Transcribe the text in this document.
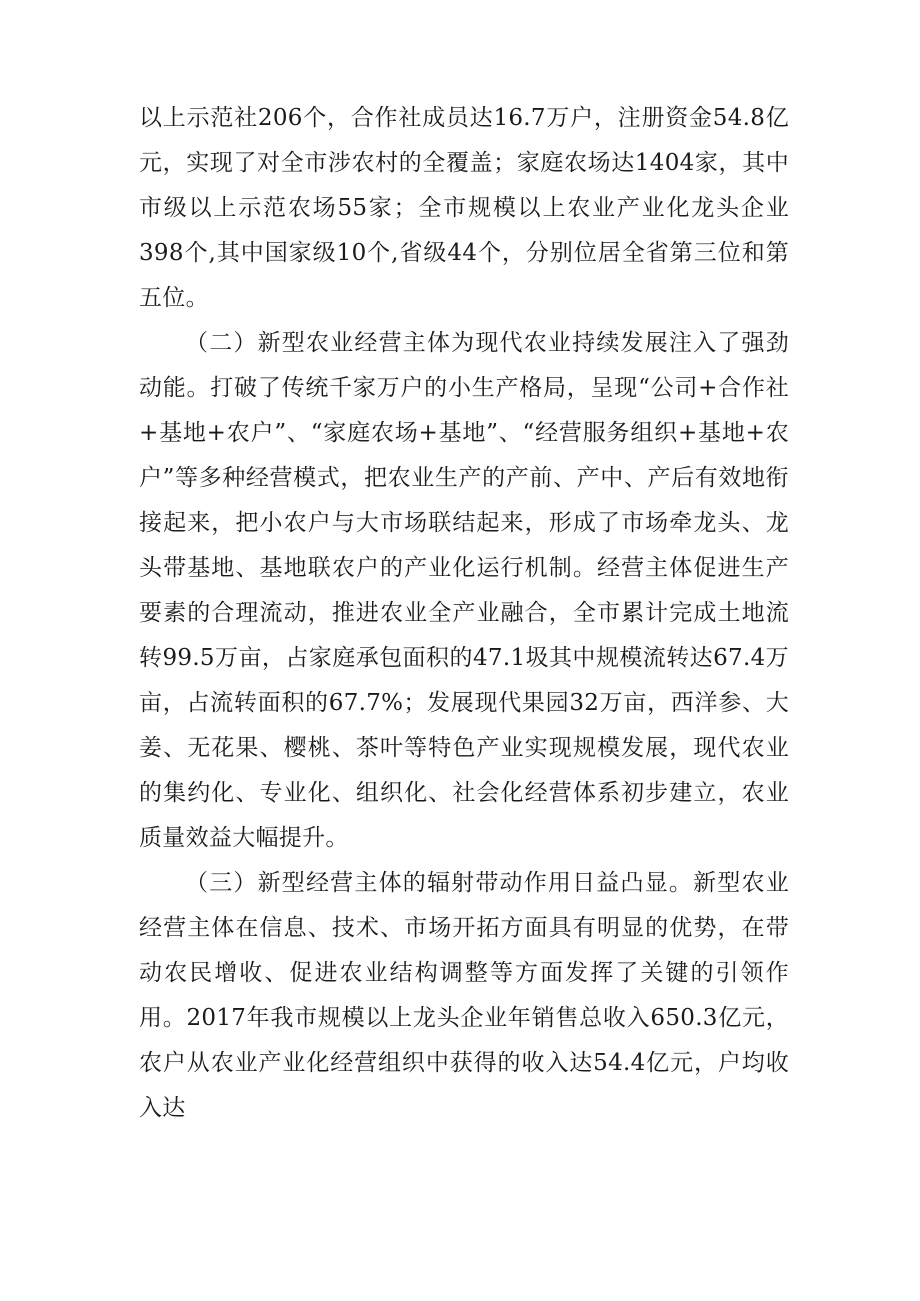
以上示范社206个，合作社成员达16.7万户，注册资金54.8亿元，实现了对全市涉农村的全覆盖；家庭农场达1404家，其中市级以上示范农场55家；全市规模以上农业产业化龙头企业398个,其中国家级10个,省级44个，分别位居全省第三位和第五位。

（二）新型农业经营主体为现代农业持续发展注入了强劲动能。打破了传统千家万户的小生产格局，呈现“公司+合作社+基地+农户”、“家庭农场+基地”、“经营服务组织+基地+农户”等多种经营模式，把农业生产的产前、产中、产后有效地衔接起来，把小农户与大市场联结起来，形成了市场牵龙头、龙头带基地、基地联农户的产业化运行机制。经营主体促进生产要素的合理流动，推进农业全产业融合，全市累计完成土地流转99.5万亩，占家庭承包面积的47.1圾其中规模流转达67.4万亩，占流转面积的67.7%；发展现代果园32万亩，西洋参、大姜、无花果、樱桃、茶叶等特色产业实现规模发展，现代农业的集约化、专业化、组织化、社会化经营体系初步建立，农业质量效益大幅提升。

（三）新型经营主体的辐射带动作用日益凸显。新型农业经营主体在信息、技术、市场开拓方面具有明显的优势，在带动农民增收、促进农业结构调整等方面发挥了关键的引领作用。2017年我市规模以上龙头企业年销售总收入650.3亿元，农户从农业产业化经营组织中获得的收入达54.4亿元，户均收入达
